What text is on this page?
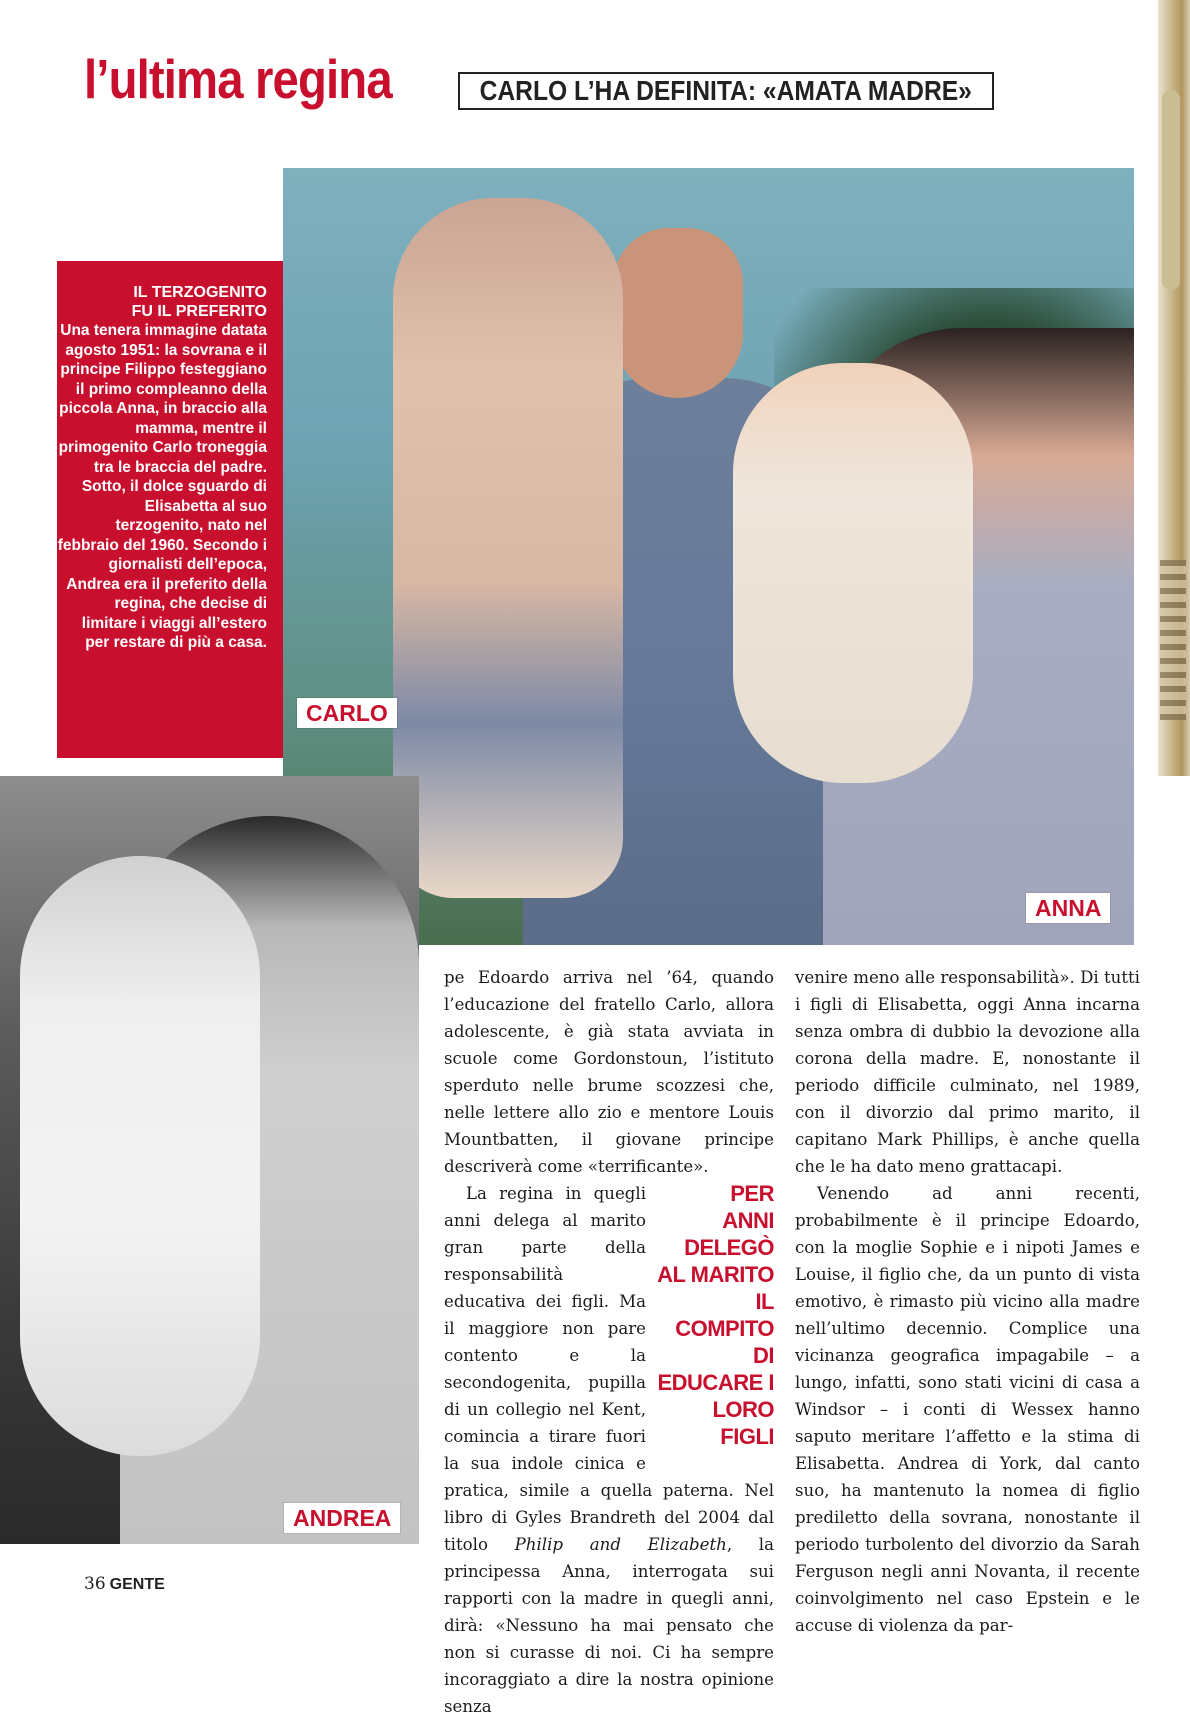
l’ultima regina	CARLO L’HA DEFINITA: «AMATA MADRE»

IL TERZOGENITO
FU IL PREFERITO

Una tenera immagine datata agosto 1951: la sovrana e il principe Filippo festeggiano il primo compleanno della piccola Anna, in braccio alla mamma, mentre il primogenito Carlo troneggia tra le braccia del padre. Sotto, il dolce sguardo di Elisabetta al suo terzogenito, nato nel febbraio del 1960. Secondo i giornalisti dell’epoca, Andrea era il preferito della regina, che decise di limitare i viaggi all’estero per restare di più a casa.

CARLO
ANNA
ANDREA

pe Edoardo arriva nel ’64, quando l’educazione del fratello Carlo, allora adolescente, è già stata avviata in scuole come Gordonstoun, l’istituto sperduto nelle brume scozzesi che, nelle lettere allo zio e mentore Louis Mountbatten, il giovane principe descriverà come «terrificante».

PER ANNI DELEGÒ AL MARITO IL COMPITO DI EDUCARE I LORO FIGLI
La regina in quegli anni delega al marito gran parte della responsabilità educativa dei figli. Ma il maggiore non pare contento e la secondogenita, pupilla di un collegio nel Kent, comincia a tirare fuori la sua indole cinica e pratica, simile a quella paterna. Nel libro di Gyles Brandreth del 2004 dal titolo Philip and Elizabeth, la principessa Anna, interrogata sui rapporti con la madre in quegli anni, dirà: «Nessuno ha mai pensato che non si curasse di noi. Ci ha sempre incoraggiato a dire la nostra opinione senza

venire meno alle responsabilità». Di tutti i figli di Elisabetta, oggi Anna incarna senza ombra di dubbio la devozione alla corona della madre. E, nonostante il periodo difficile culminato, nel 1989, con il divorzio dal primo marito, il capitano Mark Phillips, è anche quella che le ha dato meno grattacapi.

Venendo ad anni recenti, probabilmente è il principe Edoardo, con la moglie Sophie e i nipoti James e Louise, il figlio che, da un punto di vista emotivo, è rimasto più vicino alla madre nell’ultimo decennio. Complice una vicinanza geografica impagabile – a lungo, infatti, sono stati vicini di casa a Windsor – i conti di Wessex hanno saputo meritare l’affetto e la stima di Elisabetta. Andrea di York, dal canto suo, ha mantenuto la nomea di figlio prediletto della sovrana, nonostante il periodo turbolento del divorzio da Sarah Ferguson negli anni Novanta, il recente coinvolgimento nel caso Epstein e le accuse di violenza da par-

36 GENTE
